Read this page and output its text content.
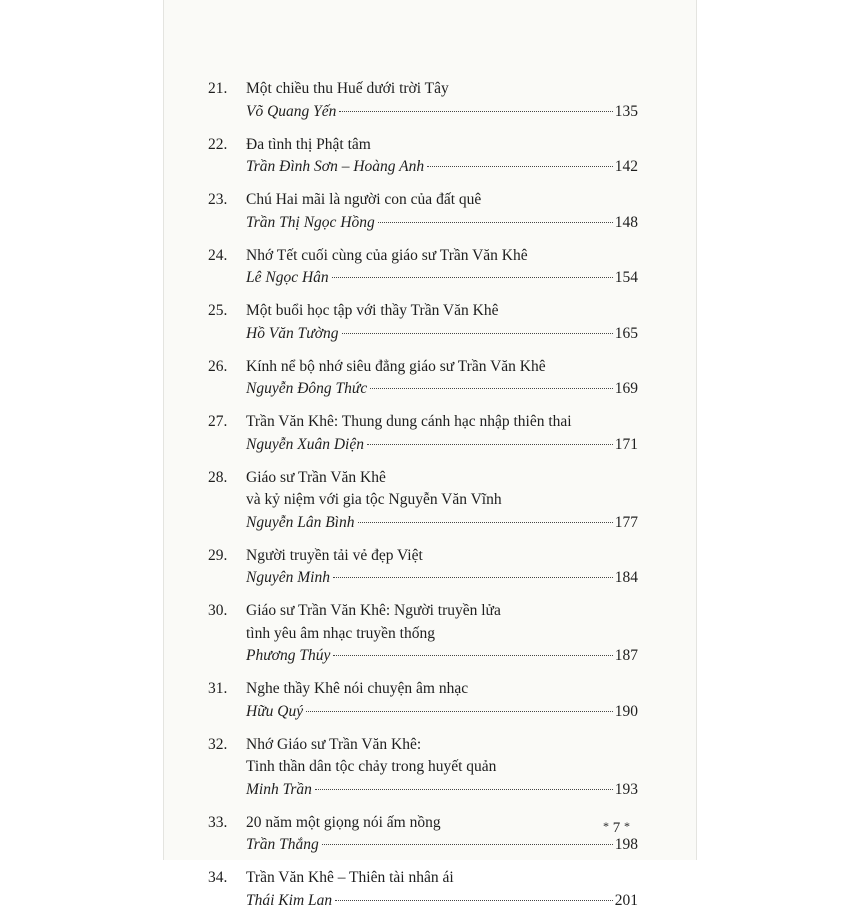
21.	Một chiều thu Huế dưới trời Tây
Võ Quang Yến	135
22.	Đa tình thị Phật tâm
Trần Đình Sơn – Hoàng Anh	142
23.	Chú Hai mãi là người con của đất quê
Trần Thị Ngọc Hồng	148
24.	Nhớ Tết cuối cùng của giáo sư Trần Văn Khê
Lê Ngọc Hân	154
25.	Một buổi học tập với thầy Trần Văn Khê
Hồ Văn Tường	165
26.	Kính nể bộ nhớ siêu đẳng giáo sư Trần Văn Khê
Nguyễn Đông Thức	169
27.	Trần Văn Khê: Thung dung cánh hạc nhập thiên thai
Nguyễn Xuân Diện	171
28.	Giáo sư Trần Văn Khê
và kỷ niệm với gia tộc Nguyễn Văn Vĩnh
Nguyễn Lân Bình	177
29.	Người truyền tải vẻ đẹp Việt
Nguyên Minh	184
30.	Giáo sư Trần Văn Khê: Người truyền lửa
tình yêu âm nhạc truyền thống
Phương Thúy	187
31.	Nghe thầy Khê nói chuyện âm nhạc
Hữu Quý	190
32.	Nhớ Giáo sư Trần Văn Khê:
Tinh thần dân tộc chảy trong huyết quản
Minh Trần	193
33.	20 năm một giọng nói ấm nồng
Trần Thắng	198
34.	Trần Văn Khê – Thiên tài nhân ái
Thái Kim Lan	201
* 7 *
